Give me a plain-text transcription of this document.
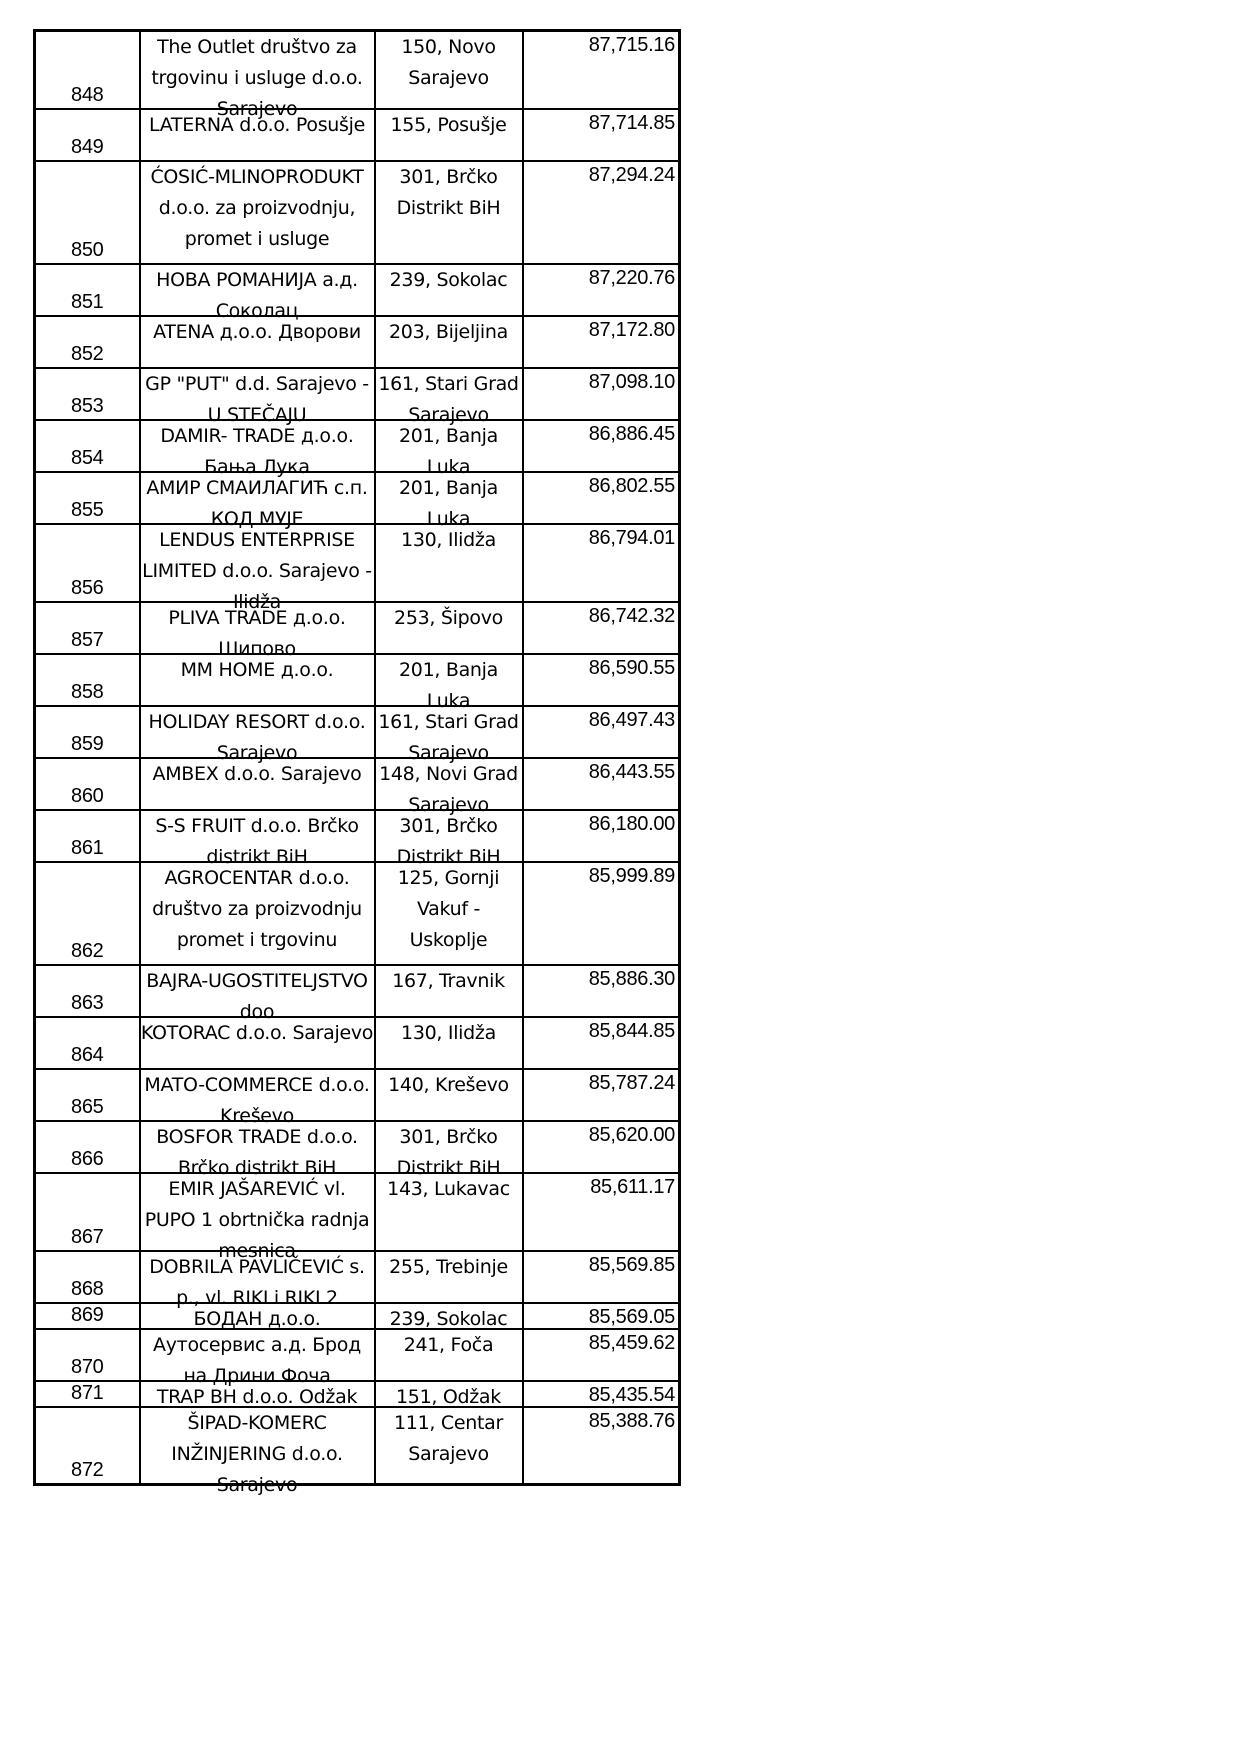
848	The Outlet društvo za trgovinu i usluge d.o.o. Sarajevo	150, Novo Sarajevo	87,715.16

849	LATERNA d.o.o. Posušje	155, Posušje	87,714.85

850	ĆOSIĆ-MLINOPRODUKT d.o.o. za proizvodnju, promet i usluge	301, Brčko Distrikt BiH	87,294.24

851	НОВА РОМАНИЈА а.д. Соколац	239, Sokolac	87,220.76

852	ATENA д.о.о. Дворови	203, Bijeljina	87,172.80

853	GP "PUT" d.d. Sarajevo - U STEČAJU	161, Stari Grad Sarajevo	87,098.10

854	DAMIR- TRADE д.о.о. Бања Лука	201, Banja Luka	86,886.45

855	АМИР СМАИЛАГИЋ с.п. КОД МУЈЕ	201, Banja Luka	86,802.55

856	LENDUS ENTERPRISE LIMITED d.o.o. Sarajevo - Ilidža	130, Ilidža	86,794.01

857	PLIVA TRADE д.о.о. Шипово	253, Šipovo	86,742.32

858	MM HOME д.о.о.	201, Banja Luka	86,590.55

859	HOLIDAY RESORT d.o.o. Sarajevo	161, Stari Grad Sarajevo	86,497.43

860	AMBEX d.o.o. Sarajevo	148, Novi Grad Sarajevo	86,443.55

861	S-S FRUIT d.o.o. Brčko distrikt BiH	301, Brčko Distrikt BiH	86,180.00

862	AGROCENTAR d.o.o. društvo za proizvodnju promet i trgovinu	125, Gornji Vakuf - Uskoplje	85,999.89

863	BAJRA-UGOSTITELJSTVO doo	167, Travnik	85,886.30

864	KOTORAC d.o.o. Sarajevo	130, Ilidža	85,844.85

865	MATO-COMMERCE d.o.o. Kreševo	140, Kreševo	85,787.24

866	BOSFOR TRADE d.o.o. Brčko distrikt BiH	301, Brčko Distrikt BiH	85,620.00

867	EMIR JAŠAREVIĆ vl. PUPO 1 obrtnička radnja mesnica	143, Lukavac	85,611.17

868	DOBRILA PAVLIČEVIĆ s. p., vl. RIKI i RIKI 2	255, Trebinje	85,569.85

869	БОДАН д.о.о.	239, Sokolac	85,569.05

870	Аутосервис а.д. Брод на Дрини Фоча	241, Foča	85,459.62

871	TRAP BH d.o.o. Odžak	151, Odžak	85,435.54

872	ŠIPAD-KOMERC INŽINJERING d.o.o. Sarajevo	111, Centar Sarajevo	85,388.76
